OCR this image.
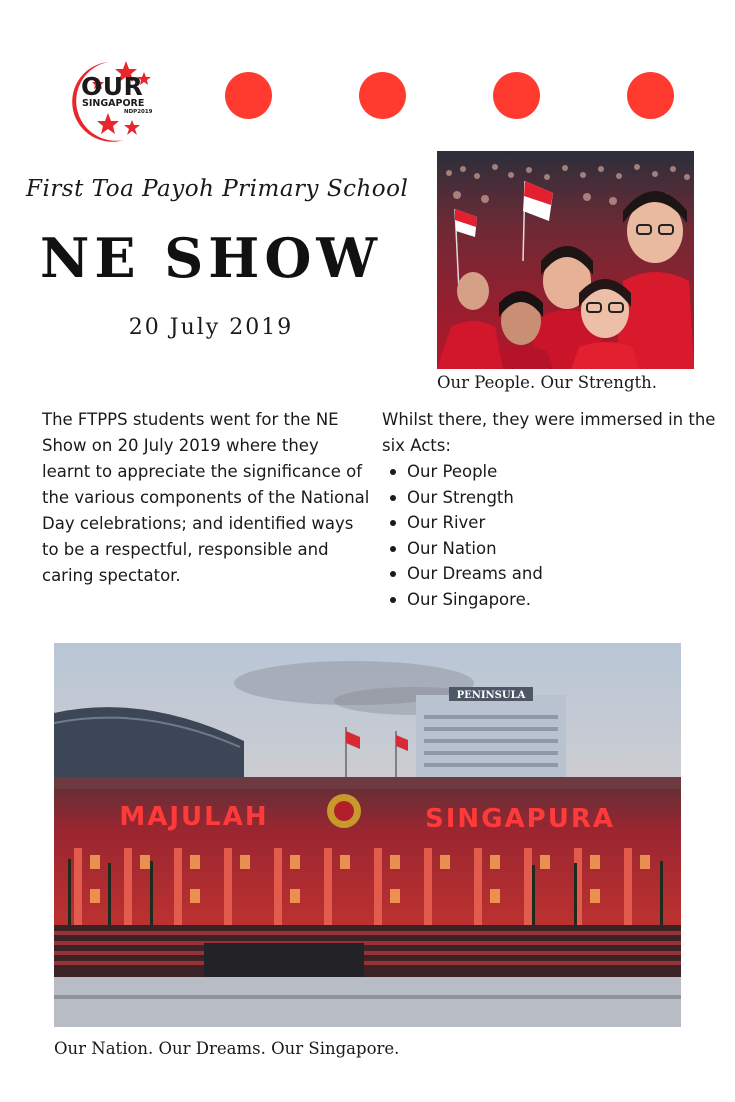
OUR
SINGAPORE
NDP2019
First Toa Payoh Primary School
NE SHOW
20 July 2019
Our People. Our Strength.

The FTPPS students went for the NE Show on 20 July 2019 where they learnt to appreciate the significance of the various components of the National Day celebrations; and identified ways to be a respectful, responsible and caring spectator.

Whilst there, they were immersed in the six Acts:

Our People
Our Strength
Our River
Our Nation
Our Dreams and
Our Singapore.
PENINSULA
MAJULAH	SINGAPURA
Our Nation. Our Dreams. Our Singapore.
